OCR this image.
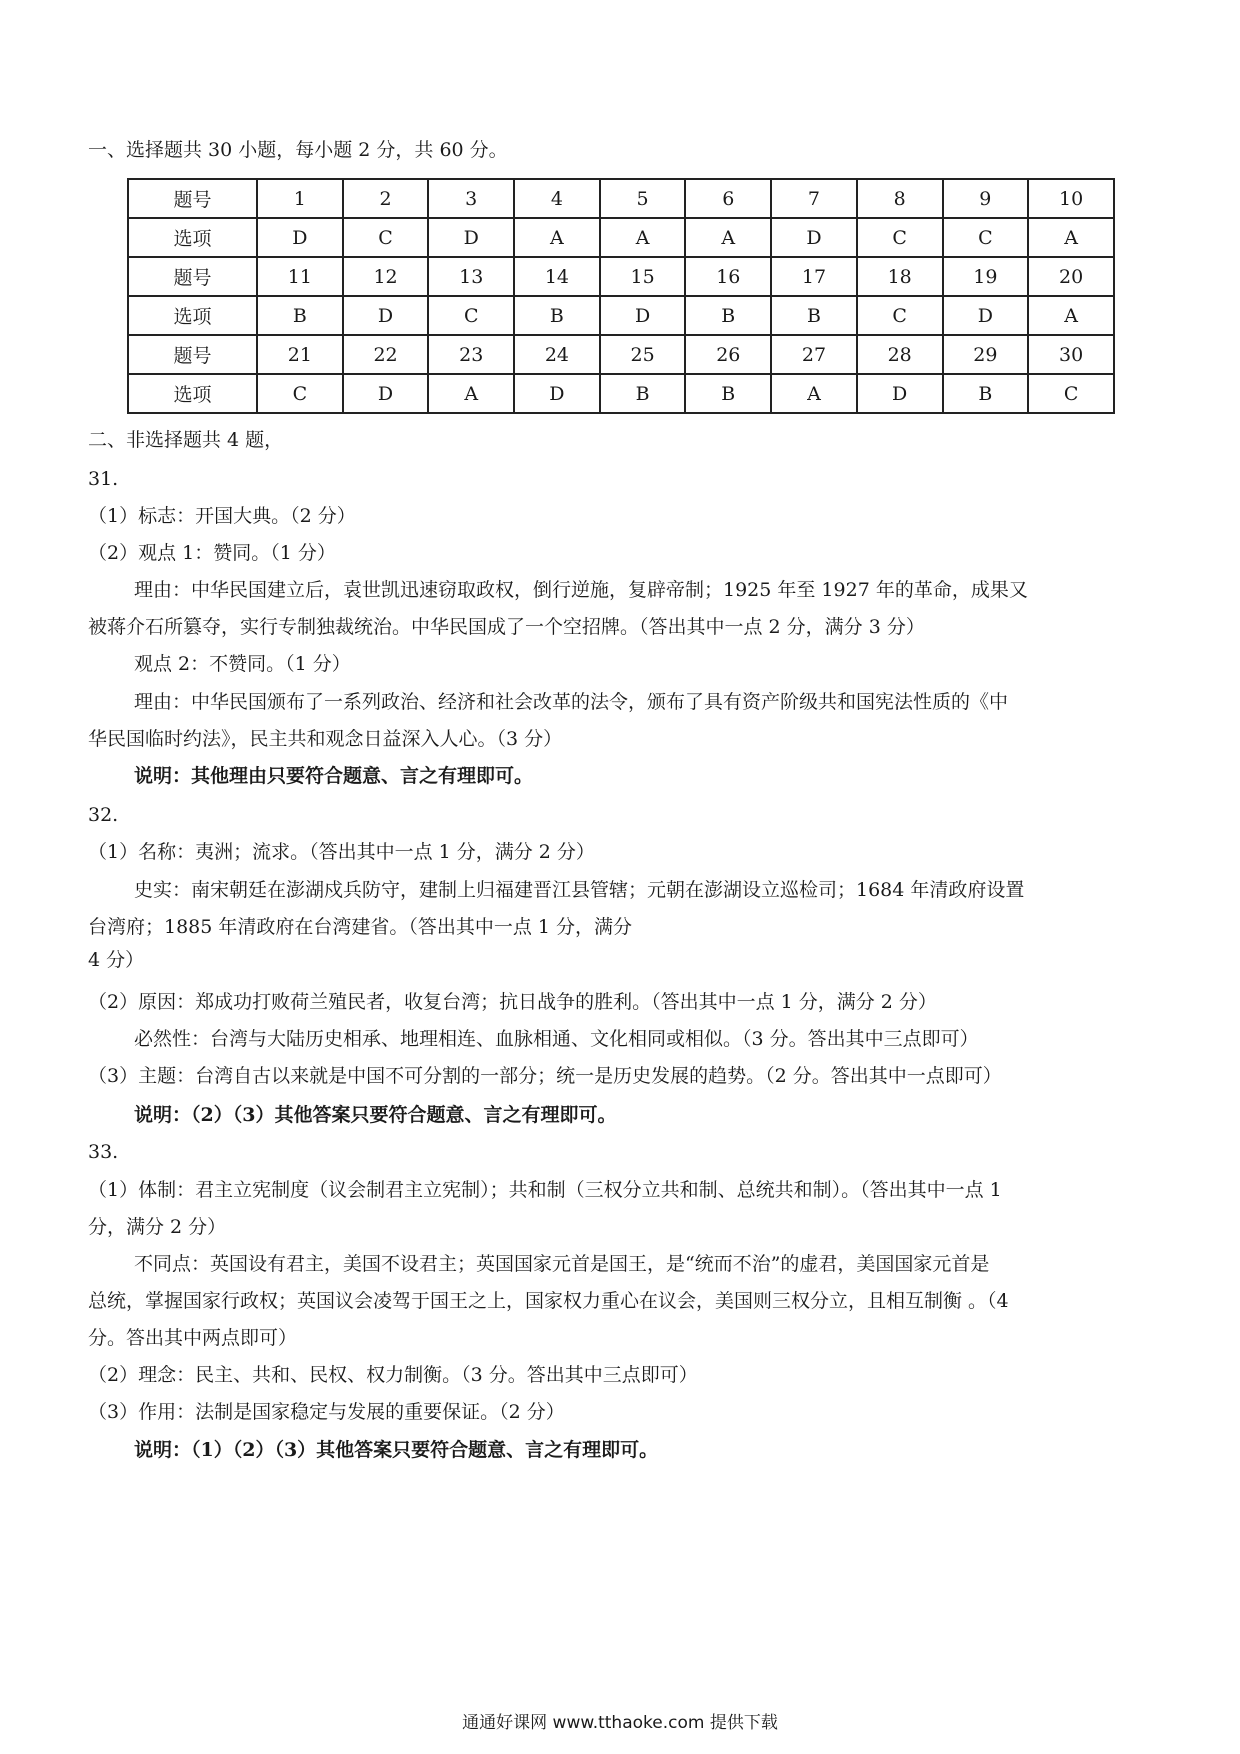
一、选择题共 30 小题，每小题 2 分，共 60 分。
题号	1	2	3	4	5	6	7	8	9	10
选项	D	C	D	A	A	A	D	C	C	A
题号	11	12	13	14	15	16	17	18	19	20
选项	B	D	C	B	D	B	B	C	D	A
题号	21	22	23	24	25	26	27	28	29	30
选项	C	D	A	D	B	B	A	D	B	C
二、非选择题共 4 题，
31.
（1）标志：开国大典。（2 分）
（2）观点 1：赞同。（1 分）
理由：中华民国建立后，袁世凯迅速窃取政权，倒行逆施，复辟帝制；1925 年至 1927 年的革命，成果又
被蒋介石所篡夺，实行专制独裁统治。中华民国成了一个空招牌。（答出其中一点 2 分，满分 3 分）
观点 2：不赞同。（1 分）
理由：中华民国颁布了一系列政治、经济和社会改革的法令，颁布了具有资产阶级共和国宪法性质的《中
华民国临时约法》，民主共和观念日益深入人心。（3 分）
说明：其他理由只要符合题意、言之有理即可。
32.
（1）名称：夷洲；流求。（答出其中一点 1 分，满分 2 分）
史实：南宋朝廷在澎湖戍兵防守，建制上归福建晋江县管辖；元朝在澎湖设立巡检司；1684 年清政府设置
台湾府；1885 年清政府在台湾建省。（答出其中一点 1 分，满分
4 分）
（2）原因：郑成功打败荷兰殖民者，收复台湾；抗日战争的胜利。（答出其中一点 1 分，满分 2 分）
必然性：台湾与大陆历史相承、地理相连、血脉相通、文化相同或相似。（3 分。答出其中三点即可）
（3）主题：台湾自古以来就是中国不可分割的一部分；统一是历史发展的趋势。（2 分。答出其中一点即可）
说明：（2）（3）其他答案只要符合题意、言之有理即可。
33.
（1）体制：君主立宪制度（议会制君主立宪制）；共和制（三权分立共和制、总统共和制）。（答出其中一点 1
分，满分 2 分）
不同点：英国设有君主，美国不设君主；英国国家元首是国王，是“统而不治”的虚君，美国国家元首是
总统，掌握国家行政权；英国议会凌驾于国王之上，国家权力重心在议会，美国则三权分立，且相互制衡 。（4
分。答出其中两点即可）
（2）理念：民主、共和、民权、权力制衡。（3 分。答出其中三点即可）
（3）作用：法制是国家稳定与发展的重要保证。（2 分）
说明：（1）（2）（3）其他答案只要符合题意、言之有理即可。
通通好课网 www.tthaoke.com 提供下载
